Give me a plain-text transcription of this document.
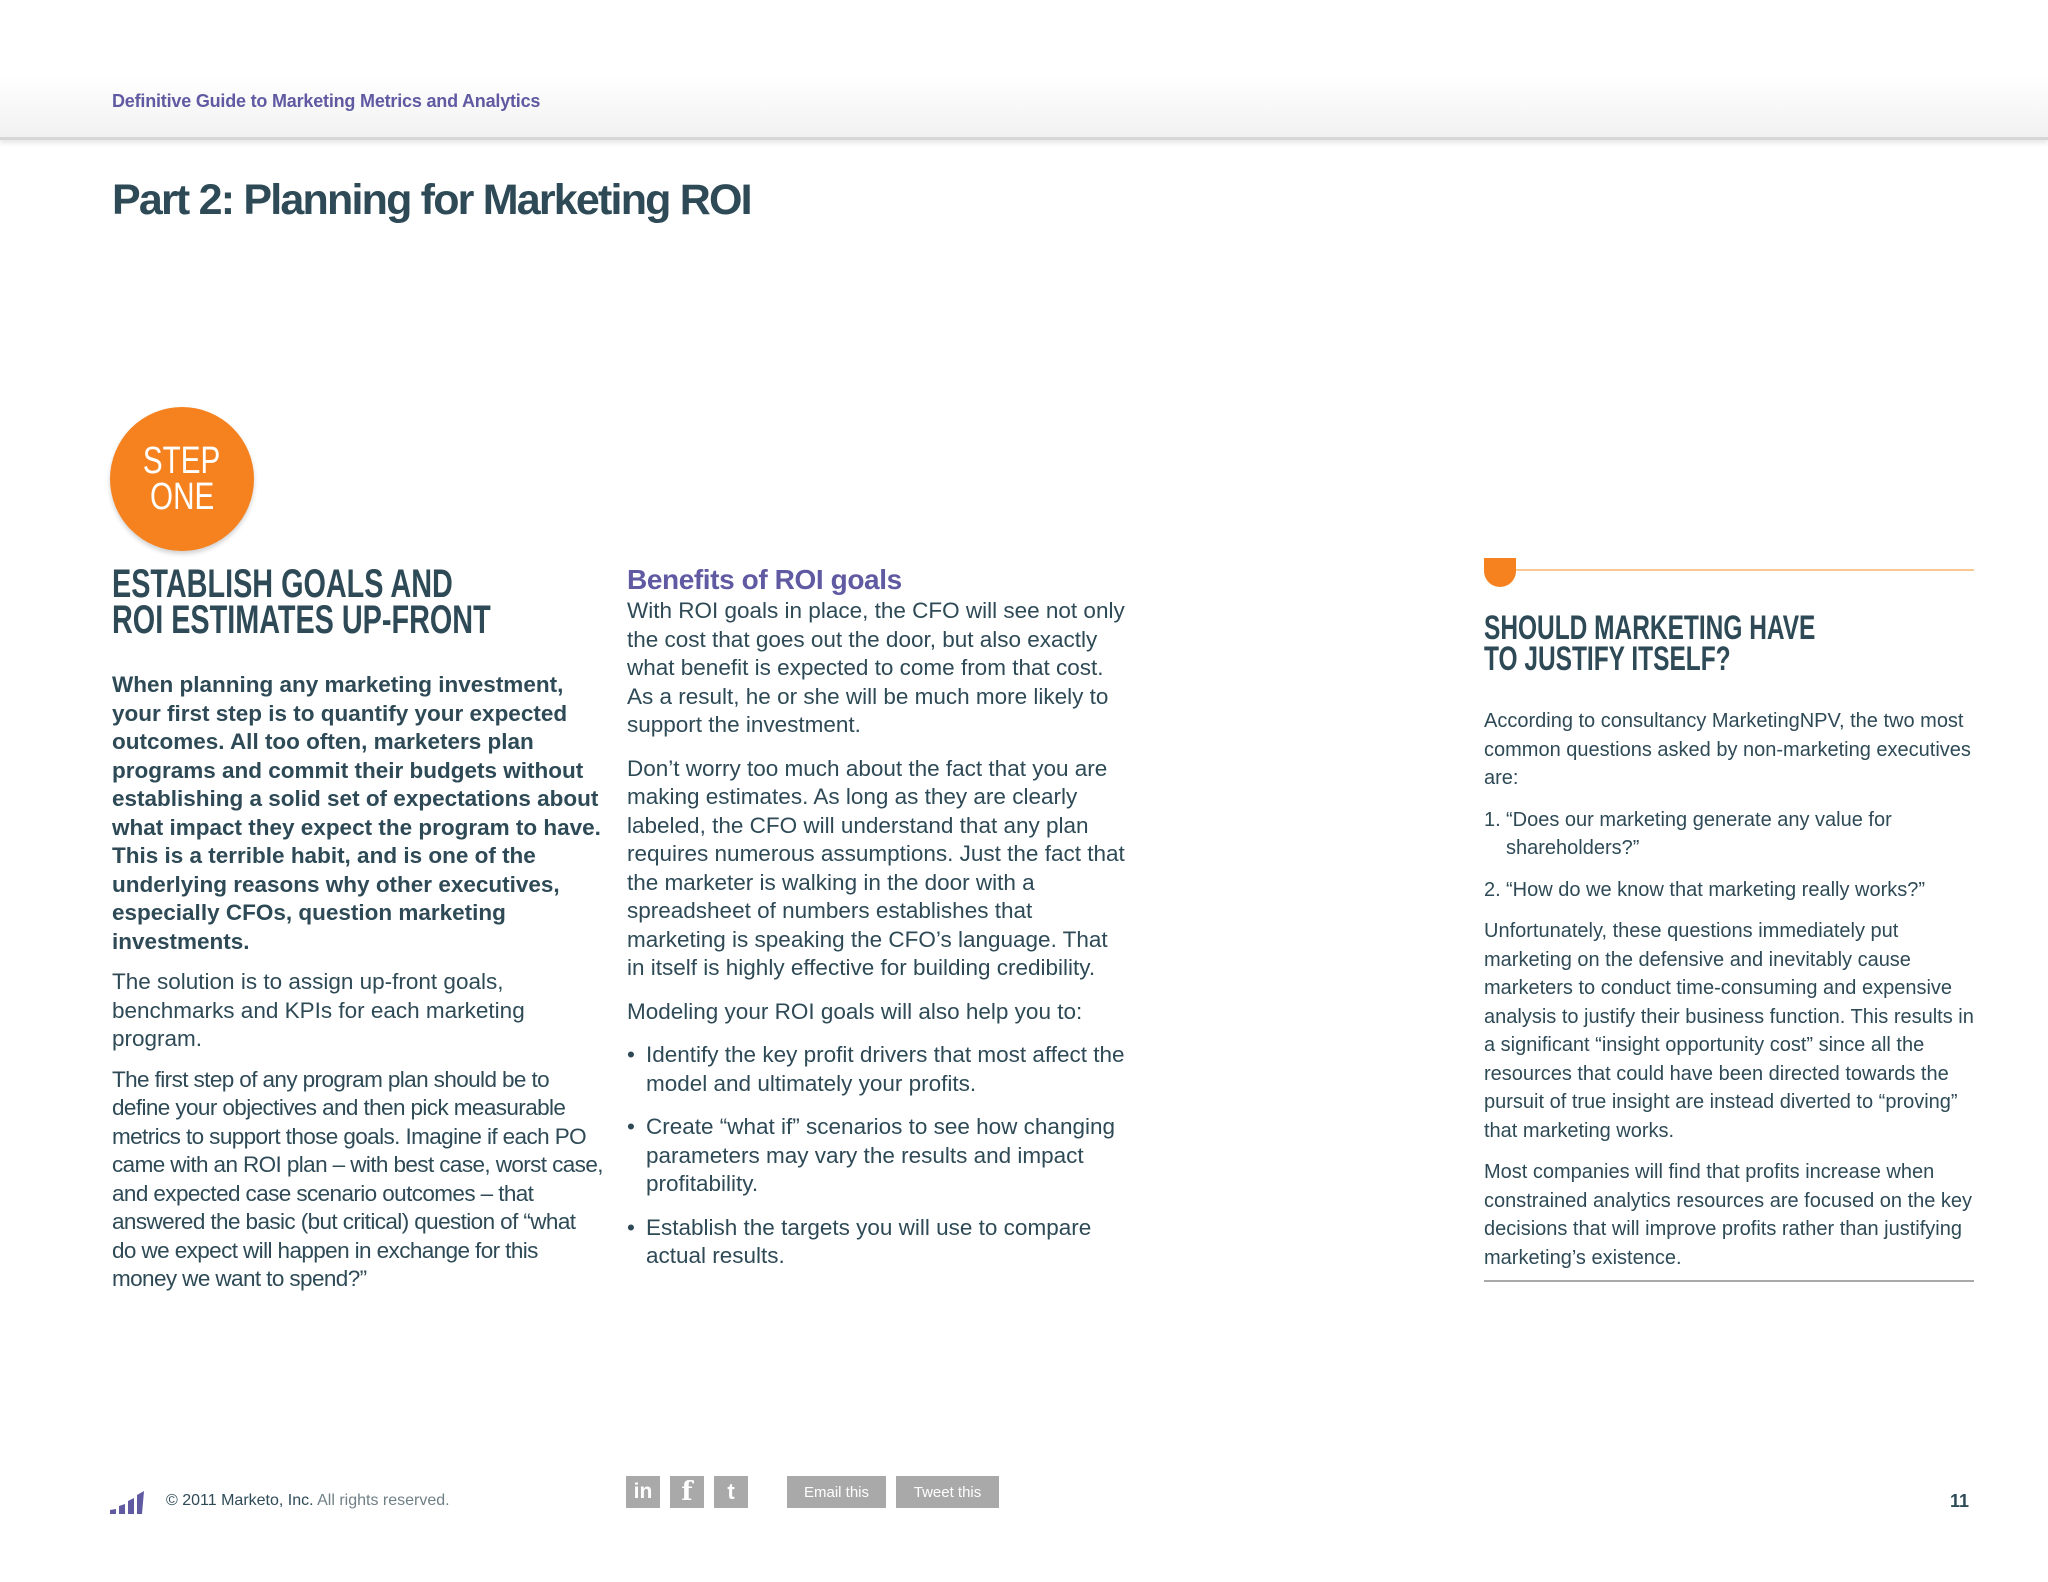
Definitive Guide to Marketing Metrics and Analytics
Part 2: Planning for Marketing ROI
STEP
ONE
ESTABLISH GOALS AND
ROI ESTIMATES UP-FRONT

When planning any marketing investment, your first step is to quantify your expected outcomes. All too often, marketers plan programs and commit their budgets without establishing a solid set of expectations about what impact they expect the program to have. This is a terrible habit, and is one of the underlying reasons why other executives, especially CFOs, question marketing investments.

The solution is to assign up-front goals, benchmarks and KPIs for each marketing program.

The first step of any program plan should be to define your objectives and then pick measurable metrics to support those goals. Imagine if each PO came with an ROI plan – with best case, worst case, and expected case scenario outcomes – that answered the basic (but critical) question of “what do we expect will happen in exchange for this money we want to spend?”

Benefits of ROI goals

With ROI goals in place, the CFO will see not only the cost that goes out the door, but also exactly what benefit is expected to come from that cost. As a result, he or she will be much more likely to support the investment.

Don’t worry too much about the fact that you are making estimates. As long as they are clearly labeled, the CFO will understand that any plan requires numerous assumptions. Just the fact that the marketer is walking in the door with a spreadsheet of numbers establishes that marketing is speaking the CFO’s language. That in itself is highly effective for building credibility.

Modeling your ROI goals will also help you to:

• Identify the key profit drivers that most affect the model and ultimately your profits.
• Create “what if” scenarios to see how changing parameters may vary the results and impact profitability.
• Establish the targets you will use to compare actual results.
SHOULD MARKETING HAVE
TO JUSTIFY ITSELF?

According to consultancy MarketingNPV, the two most common questions asked by non-marketing executives are:

1. “Does our marketing generate any value for shareholders?”
2. “How do we know that marketing really works?”

Unfortunately, these questions immediately put marketing on the defensive and inevitably cause marketers to conduct time-consuming and expensive analysis to justify their business function. This results in a significant “insight opportunity cost” since all the resources that could have been directed towards the pursuit of true insight are instead diverted to “proving” that marketing works.

Most companies will find that profits increase when constrained analytics resources are focused on the key decisions that will improve profits rather than justifying marketing’s existence.

© 2011 Marketo, Inc. All rights reserved.	in	f	t	Email this	Tweet this	11
